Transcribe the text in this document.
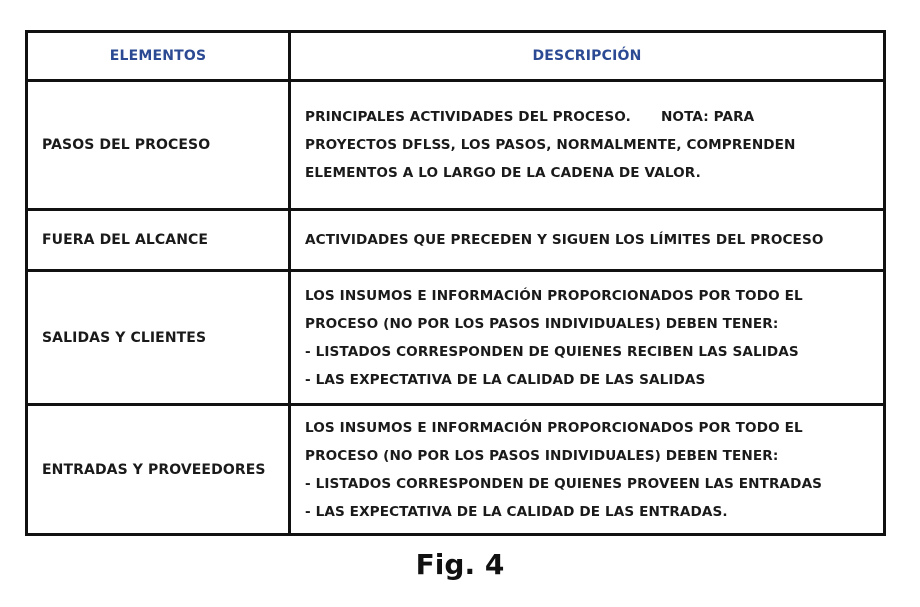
ELEMENTOS	DESCRIPCIÓN
PASOS DEL PROCESO
PRINCIPALES ACTIVIDADES DEL PROCESO. NOTA: PARA
PROYECTOS DFLSS, LOS PASOS, NORMALMENTE, COMPRENDEN
ELEMENTOS A LO LARGO DE LA CADENA DE VALOR.
FUERA DEL ALCANCE	ACTIVIDADES QUE PRECEDEN Y SIGUEN LOS LÍMITES DEL PROCESO
SALIDAS Y CLIENTES
LOS INSUMOS E INFORMACIÓN PROPORCIONADOS POR TODO EL
PROCESO (NO POR LOS PASOS INDIVIDUALES) DEBEN TENER:
- LISTADOS CORRESPONDEN DE QUIENES RECIBEN LAS SALIDAS
- LAS EXPECTATIVA DE LA CALIDAD DE LAS SALIDAS
ENTRADAS Y PROVEEDORES
LOS INSUMOS E INFORMACIÓN PROPORCIONADOS POR TODO EL
PROCESO (NO POR LOS PASOS INDIVIDUALES) DEBEN TENER:
- LISTADOS CORRESPONDEN DE QUIENES PROVEEN LAS ENTRADAS
- LAS EXPECTATIVA DE LA CALIDAD DE LAS ENTRADAS.
Fig. 4
